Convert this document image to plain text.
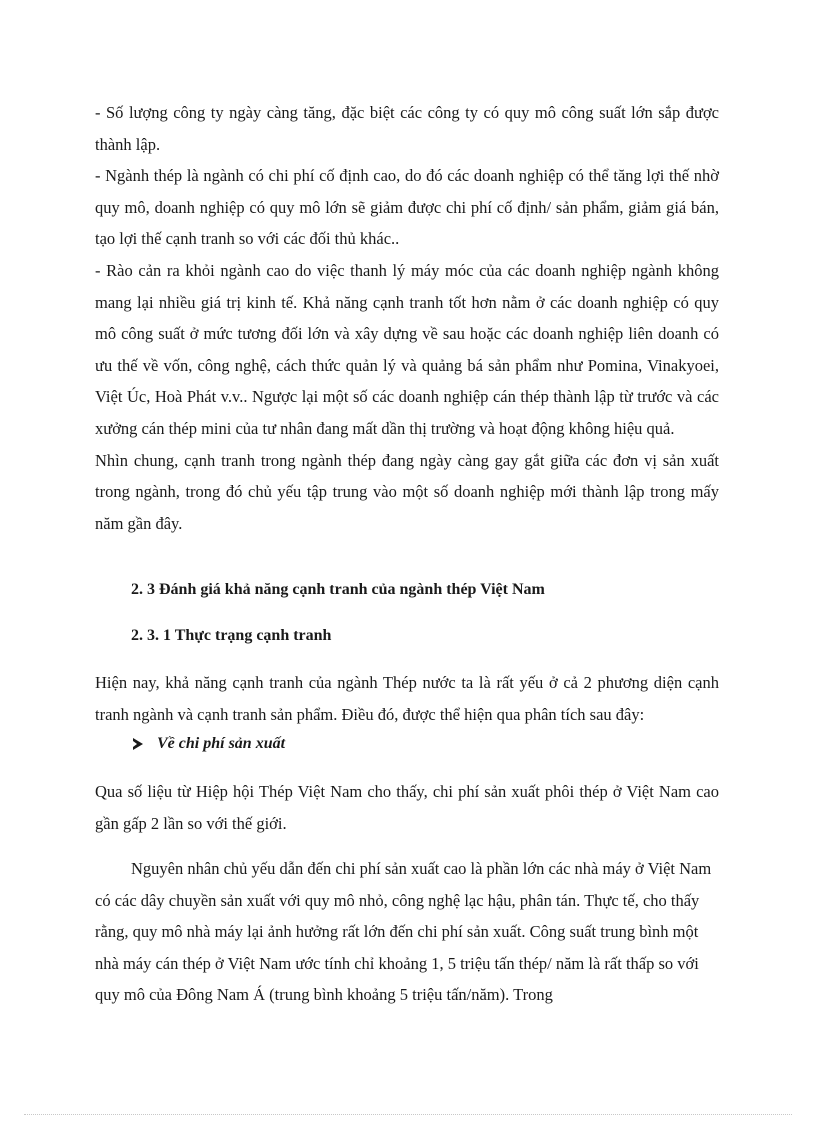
- Số lượng công ty ngày càng tăng, đặc biệt các công ty có quy mô công suất lớn sắp được thành lập.

- Ngành thép là ngành có chi phí cố định cao, do đó các doanh nghiệp có thể tăng lợi thế nhờ quy mô, doanh nghiệp có quy mô lớn sẽ giảm được chi phí cố định/ sản phẩm, giảm giá bán, tạo lợi thế cạnh tranh so với các đối thủ khác..

- Rào cản ra khỏi ngành cao do việc thanh lý máy móc của các doanh nghiệp ngành không mang lại nhiều giá trị kinh tế. Khả năng cạnh tranh tốt hơn nằm ở các doanh nghiệp có quy mô công suất ở mức tương đối lớn và xây dựng về sau hoặc các doanh nghiệp liên doanh có ưu thế về vốn, công nghệ, cách thức quản lý và quảng bá sản phẩm như Pomina, Vinakyoei, Việt Úc, Hoà Phát v.v.. Ngược lại một số các doanh nghiệp cán thép thành lập từ trước và các xưởng cán thép mini của tư nhân đang mất dần thị trường và hoạt động không hiệu quả.

Nhìn chung, cạnh tranh trong ngành thép đang ngày càng gay gắt giữa các đơn vị sản xuất trong ngành, trong đó chủ yếu tập trung vào một số doanh nghiệp mới thành lập trong mấy năm gần đây.

2. 3 Đánh giá khả năng cạnh tranh của ngành thép Việt Nam
2. 3. 1 Thực trạng cạnh tranh

Hiện nay, khả năng cạnh tranh của ngành Thép nước ta là rất yếu ở cả 2 phương diện cạnh tranh ngành và cạnh tranh sản phẩm. Điều đó, được thể hiện qua phân tích sau đây:

Về chi phí sản xuất

Qua số liệu từ Hiệp hội Thép Việt Nam cho thấy, chi phí sản xuất phôi thép ở Việt Nam cao gần gấp 2 lần so với thế giới.

Nguyên nhân chủ yếu dẫn đến chi phí sản xuất cao là phần lớn các nhà máy ở Việt Nam có các dây chuyền sản xuất với quy mô nhỏ, công nghệ lạc hậu, phân tán. Thực tế, cho thấy rằng, quy mô nhà máy lại ảnh hưởng rất lớn đến chi phí sản xuất. Công suất trung bình một nhà máy cán thép ở Việt Nam ước tính chỉ khoảng 1, 5 triệu tấn thép/ năm là rất thấp so với quy mô của Đông Nam Á (trung bình khoảng 5 triệu tấn/năm). Trong
